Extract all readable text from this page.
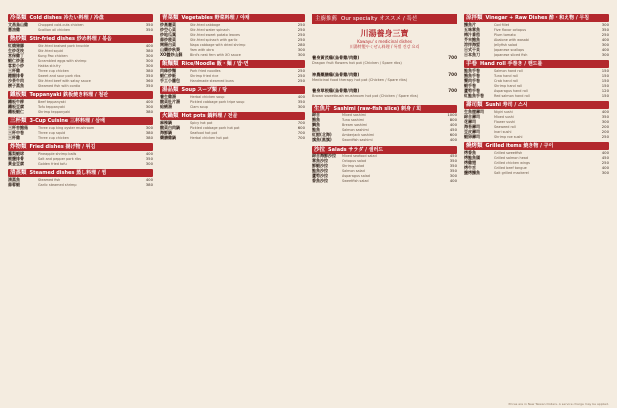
冷菜類 Cold dishes 冷たい料理 / 冷盘
文昌烏山雞	Chopped cold-cuts chicken	350
蔥油雞	Scallion oil chicken	350
熱炒類 Stir-fried dishes 炒め料理 / 볶음
紅燒豬腳	Stir-fried braised pork knuckle	400
生炒花枝	Stir-fried squid	380
宮保雞丁	Kung Pao chicken	300
蝦仁炒蛋	Scrambled eggs with shrimp	300
客家小炒	Hakka stir-fry	300
三杯雞	Three cup chicken	380
糖醋排骨	Sweet and sour pork ribs	350
沙茶牛肉	Stir-fried beef with satay sauce	360
樹子蒸魚	Steamed fish with cordia	350
鐵板類 Teppanyaki 鉄板焼き料理 / 철판
鐵板牛柳	Beef teppanyaki	400
鐵板豆腐	Tofu teppanyaki	300
鐵板蝦仁	Shrimp teppanyaki	380
三杯類 3-Cup Cuisine 三杯料理 / 삼배
三杯杏鮑菇	Three cup king oyster mushroom	300
三杯中卷	Three cup squid	380
三杯雞	Three cup chicken	380
炸物類 Fried dishes 揚げ物 / 튀김
鳳梨蝦球	Pineapple shrimp balls	400
椒鹽排骨	Salt and pepper pork ribs	350
黃金豆腐	Golden fried tofu	300
清蒸類 Steamed dishes 蒸し料理 / 찜
清蒸魚	Steamed fish	400
蒜蓉蝦	Garlic steamed shrimp	380
青菜類 Vegetables 野菜料理 / 야채
炒高麗菜	Stir-fried cabbage	250
炒空心菜	Stir-fried water spinach	250
炒地瓜葉	Stir-fried sweet potato leaves	250
蒜炒菠菜	Stir-fried spinach with garlic	250
開陽白菜	Napa cabbage with dried shrimp	280
山藥炒秋葵	Yam with okra	300
XO醬炒山蘇	Bird's nest fern with XO sauce	300
飯麵類 Rice/Noodle 飯・麺 / 밥·면
肉絲炒麵	Pork fried noodles	250
蝦仁炒飯	Shrimp fried rice	250
手工小籠包	Handmade steamed buns	250
湯品類 Soup スープ類 / 탕
養生雞湯	Herbal chicken soup	400
酸菜肚片湯	Pickled cabbage pork tripe soup	350
蛤蜊湯	Clam soup	300
火鍋類 Hot pots 鍋料理 / 전골
麻辣鍋	Spicy hot pot	700
酸菜白肉鍋	Pickled cabbage pork hot pot	600
海鮮鍋	Seafood hot pot	700
藥膳雞鍋	Herbal chicken hot pot	700
主廚推薦 Our specialty オススメ / 특선
川湯養身三寶
Kawayu' s medicinal dishes
川湯特製やくぜん料理 / 특별 건강 요리
養身黃芪鶏(烏骨雞/肉雞)
Dragon fruit flowers hot pot (Chicken / Spare ribs)
700
神農藥膳鶏(烏骨雞/肉雞)
Medicinal food therapy hot pot (Chicken / Spare ribs)
700
養身草根鶏(烏骨雞/肉雞)
Brown sweetbush mushroom hot pot (Chicken / Spare ribs)
700
生魚片 Sashimi (raw-fish slice) 刺身 / 회
綜合	Mixed sashimi	1000
鮪魚	Tuna sashimi	800
鯛魚	Bream sashimi	400
鮭魚	Salmon sashimi	450
紅魽(北海)	Amberjack sashimi	600
旗魚(黑旗)	Swordfish sashimi	400
沙拉 Salads サラダ / 샐러드
綜合海鮮沙拉	Mixed seafood salad	450
章魚沙拉	Octopus salad	350
鮮蝦沙拉	Shrimp salad	350
鮭魚沙拉	Salmon salad	350
蘆筍沙拉	Asparagus salad	300
香魚沙拉	Sweetfish salad	400
涼拌類 Vinegar + Raw Dishes 酢・和え物 / 무침
鯖魚片	Cod fillet	300
五味章魚	Five flavor octopus	350
梅汁番茄	Plum tomato	250
芥末鮑魚	Abalone with wasabi	400
涼拌海蜇	Jellyfish salad	300
日式干貝	Japanese scallops	400
日本魚刀	Japanese sliced fish	300
手卷 Hand roll 手巻き / 핸드롤
鮭魚手卷	Salmon hand roll	150
鮪魚手卷	Tuna hand roll	150
蟹肉手卷	Crab hand roll	150
蝦手卷	Shrimp hand roll	150
蘆筍手卷	Asparagus hand roll	120
紅鮭魚手卷	Red salmon hand roll	150
壽司類 Sushi 寿司 / 스시
生魚握壽司	Nigiri sushi	400
綜合壽司	Mixed sushi	350
花壽司	Flower sushi	300
海苔壽司	Seaweed roll	200
豆皮壽司	Inari sushi	200
蝦卵壽司	Shrimp roe sushi	250
燒烤類 Grilled items 焼き物 / 구이
烤香魚	Grilled sweetfish	400
烤鮭魚頭	Grilled salmon head	450
烤雞翅	Grilled chicken wings	250
烤牛舌	Grilled beef tongue	400
鹽烤鯖魚	Salt grilled mackerel	300
Prices are in New Taiwan Dollars. A service charge may be applied.
